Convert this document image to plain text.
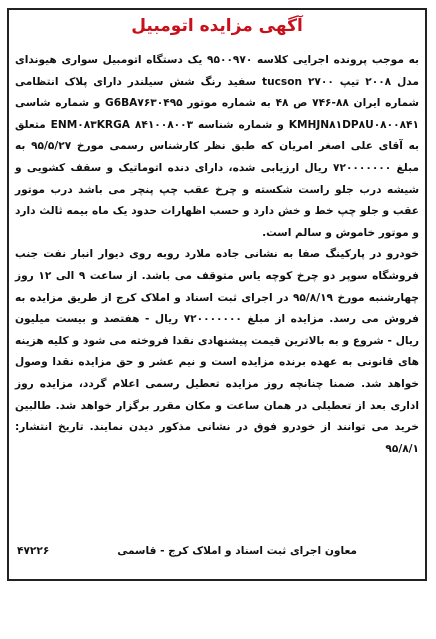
آگهی مزایده اتومبیل

به موجب پرونده اجرایی کلاسه ۹۵۰۰۹۷۰ یک دستگاه اتومبیل سواری هیوندای مدل ۲۰۰۸ تیپ tucson ۲۷۰۰ سفید رنگ شش سیلندر دارای پلاک انتظامی شماره ایران ۸۸-۷۴۶ ص ۴۸ به شماره موتور G6BA۷۶۳۰۴۹۵ و شماره شاسی KMHJN۸۱DP۸U۰۸۰۰۸۴۱ و شماره شناسه ۸۴۱۰۰۸۰۰۳ ENM۰۸۳KRGA متعلق به آقای علی اصغر امریان که طبق نظر کارشناس رسمی مورخ ۹۵/۵/۲۷ به مبلغ ۷۲۰۰۰۰۰۰۰ ریال ارزیابی شده، دارای دنده اتوماتیک و سقف کشویی و شیشه درب جلو راست شکسته و چرخ عقب چپ پنچر می باشد درب موتور عقب و جلو چپ خط و خش دارد و حسب اظهارات حدود یک ماه بیمه ثالث دارد و موتور خاموش و سالم است.

خودرو در پارکینگ صفا به نشانی جاده ملارد روبه روی دیوار انبار نفت جنب فروشگاه سوپر دو چرخ کوچه یاس متوقف می باشد. از ساعت ۹ الی ۱۲ روز چهارشنبه مورخ ۹۵/۸/۱۹ در اجرای ثبت اسناد و املاک کرج از طریق مزایده به فروش می رسد. مزایده از مبلغ ۷۲۰۰۰۰۰۰۰ ریال - هفتصد و بیست میلیون ریال - شروع و به بالاترین قیمت پیشنهادی نقدا فروخته می شود و کلیه هزینه های قانونی به عهده برنده مزایده است و نیم عشر و حق مزایده نقدا وصول خواهد شد. ضمنا چنانچه روز مزایده تعطیل رسمی اعلام گردد، مزایده روز اداری بعد از تعطیلی در همان ساعت و مکان مقرر برگزار خواهد شد. طالبین خرید می توانند از خودرو فوق در نشانی مذکور دیدن نمایند. تاریخ انتشار: ۹۵/۸/۱

معاون اجرای ثبت اسناد و املاک کرج - قاسمی
۴۷۲۲۶
